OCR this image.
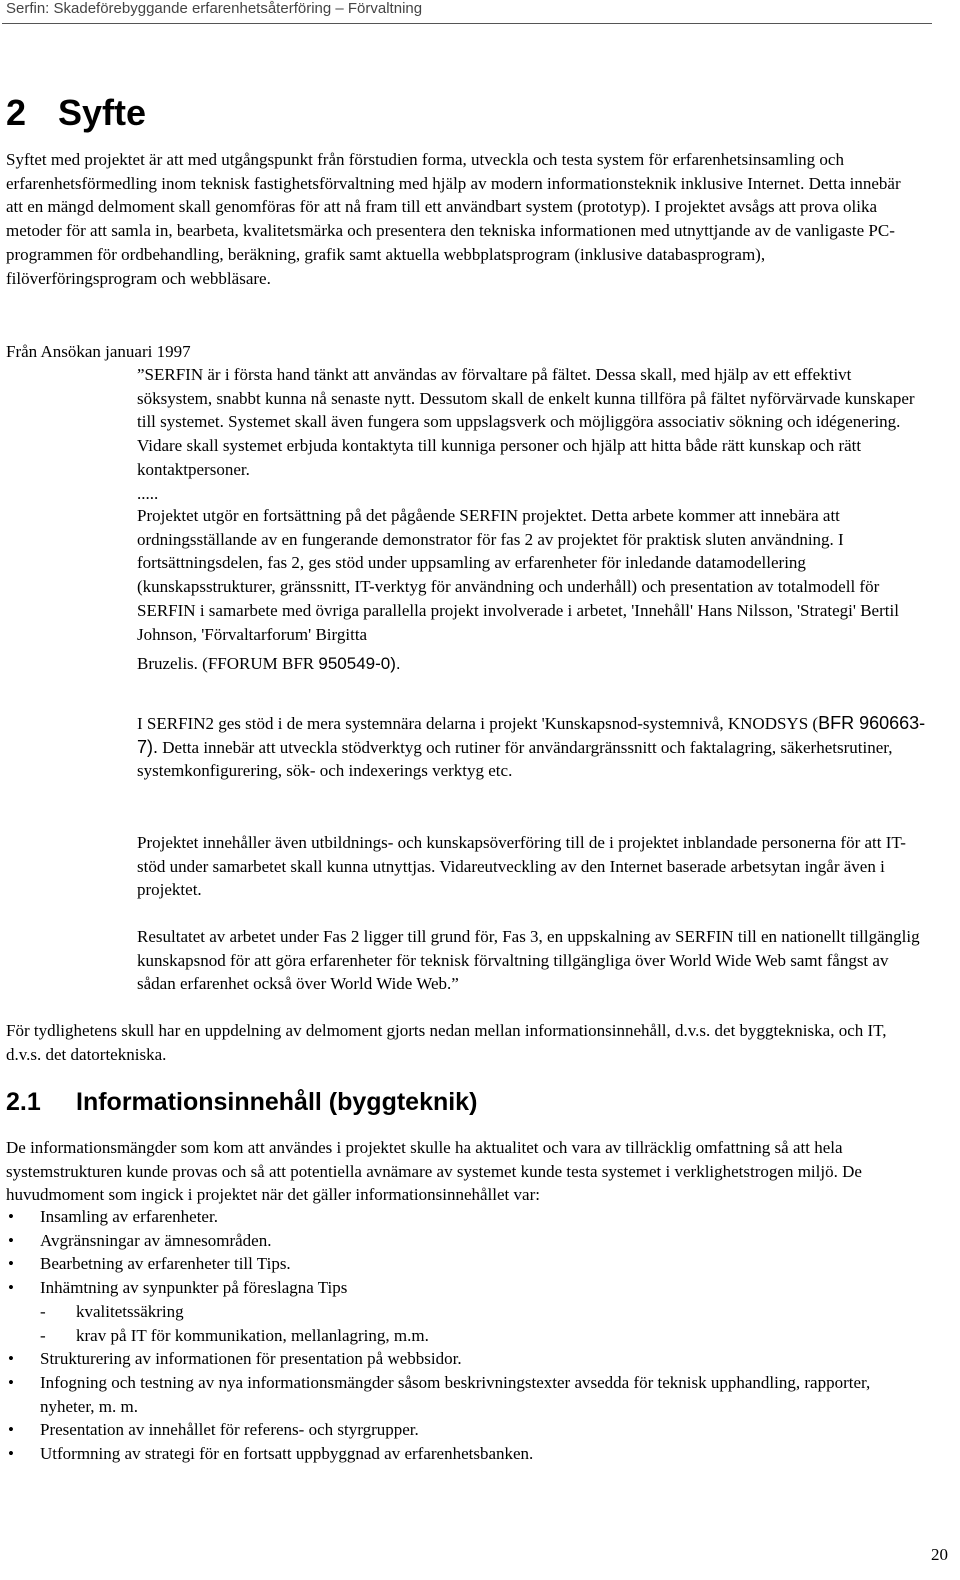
Serfin: Skadeförebyggande erfarenhetsåterföring – Förvaltning
2 Syfte

Syftet med projektet är att med utgångspunkt från förstudien forma, utveckla och testa system för erfarenhetsinsamling och erfarenhetsförmedling inom teknisk fastighetsförvaltning med hjälp av modern informationsteknik inklusive Internet. Detta innebär att en mängd delmoment skall genomföras för att nå fram till ett användbart system (prototyp). I projektet avsågs att prova olika metoder för att samla in, bearbeta, kvalitetsmärka och presentera den tekniska informationen med utnyttjande av de vanligaste PC-programmen för ordbehandling, beräkning, grafik samt aktuella webbplatsprogram (inklusive databasprogram), filöverföringsprogram och webbläsare.

Från Ansökan januari 1997

”SERFIN är i första hand tänkt att användas av förvaltare på fältet. Dessa skall, med hjälp av ett effektivt söksystem, snabbt kunna nå senaste nytt. Dessutom skall de enkelt kunna tillföra på fältet nyförvärvade kunskaper till systemet. Systemet skall även fungera som uppslagsverk och möjliggöra associativ sökning och idégenering. Vidare skall systemet erbjuda kontaktyta till kunniga personer och hjälp att hitta både rätt kunskap och rätt kontaktpersoner.

.....

Projektet utgör en fortsättning på det pågående SERFIN projektet. Detta arbete kommer att innebära att ordningsställande av en fungerande demonstrator för fas 2 av projektet för praktisk sluten användning. I fortsättningsdelen, fas 2, ges stöd under uppsamling av erfarenheter för inledande datamodellering (kunskapsstrukturer, gränssnitt, IT-verktyg för användning och underhåll) och presentation av totalmodell för SERFIN i samarbete med övriga parallella projekt involverade i arbetet, 'Innehåll' Hans Nilsson, 'Strategi' Bertil Johnson, 'Förvaltarforum' Birgitta

Bruzelis. (FFORUM BFR 950549-0).

I SERFIN2 ges stöd i de mera systemnära delarna i projekt 'Kunskapsnod-systemnivå, KNODSYS (BFR 960663-7). Detta innebär att utveckla stödverktyg och rutiner för användargränssnitt och faktalagring, säkerhetsrutiner, systemkonfigurering, sök- och indexerings verktyg etc.

Projektet innehåller även utbildnings- och kunskapsöverföring till de i projektet inblandade personerna för att IT-stöd under samarbetet skall kunna utnyttjas. Vidareutveckling av den Internet baserade arbetsytan ingår även i projektet.

Resultatet av arbetet under Fas 2 ligger till grund för, Fas 3, en uppskalning av SERFIN till en nationellt tillgänglig kunskapsnod för att göra erfarenheter för teknisk förvaltning tillgängliga över World Wide Web samt fångst av sådan erfarenhet också över World Wide Web.”

För tydlighetens skull har en uppdelning av delmoment gjorts nedan mellan informationsinnehåll, d.v.s. det byggtekniska, och IT, d.v.s. det datortekniska.

2.1 Informationsinnehåll (byggteknik)

De informationsmängder som kom att användes i projektet skulle ha aktualitet och vara av tillräcklig omfattning så att hela systemstrukturen kunde provas och så att potentiella avnämare av systemet kunde testa systemet i verklighetstrogen miljö. De huvudmoment som ingick i projektet när det gäller informationsinnehållet var:

• Insamling av erfarenheter.
• Avgränsningar av ämnesområden.
• Bearbetning av erfarenheter till Tips.
• Inhämtning av synpunkter på föreslagna Tips
- kvalitetssäkring
- krav på IT för kommunikation, mellanlagring, m.m.
• Strukturering av informationen för presentation på webbsidor.
• Infogning och testning av nya informationsmängder såsom beskrivningstexter avsedda för teknisk upphandling, rapporter, nyheter, m. m.
• Presentation av innehållet för referens- och styrgrupper.
• Utformning av strategi för en fortsatt uppbyggnad av erfarenhetsbanken.
20
